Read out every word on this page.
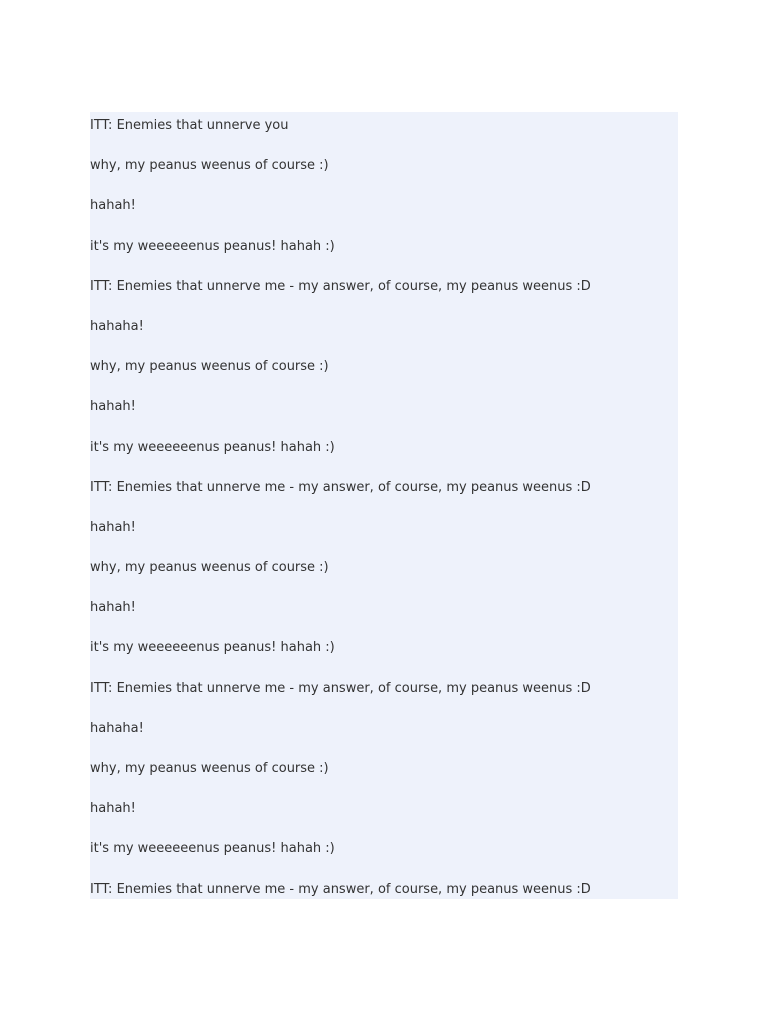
ITT: Enemies that unnerve you

why, my peanus weenus of course :)

hahah!

it's my weeeeeenus peanus! hahah :)

ITT: Enemies that unnerve me - my answer, of course, my peanus weenus :D

hahaha!

why, my peanus weenus of course :)

hahah!

it's my weeeeeenus peanus! hahah :)

ITT: Enemies that unnerve me - my answer, of course, my peanus weenus :D

hahah!

why, my peanus weenus of course :)

hahah!

it's my weeeeeenus peanus! hahah :)

ITT: Enemies that unnerve me - my answer, of course, my peanus weenus :D

hahaha!

why, my peanus weenus of course :)

hahah!

it's my weeeeeenus peanus! hahah :)

ITT: Enemies that unnerve me - my answer, of course, my peanus weenus :D
